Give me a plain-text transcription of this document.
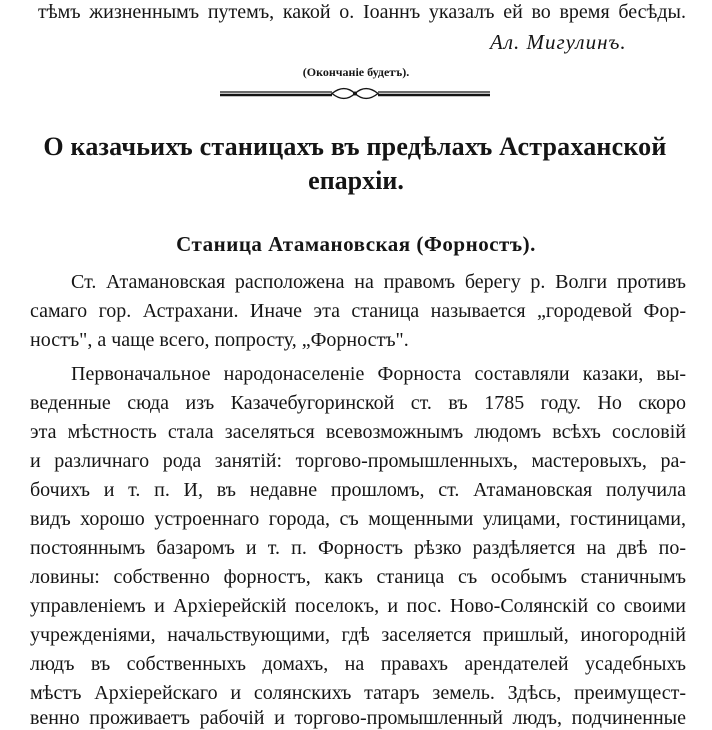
тѣмъ жизненнымъ путемъ, какой о. Іоаннъ указалъ ей во время бесѣды.
Ал. Мигулинъ.
(Окончаніе будетъ).
О казачьихъ станицахъ въ предѣлахъ Астраханской
епархіи.
Станица Атамановская (Форностъ).
Ст. Атамановская расположена на правомъ берегу р. Волги противъ
самаго гор. Астрахани. Иначе эта станица называется „городевой Фор-
ностъ", а чаще всего, попросту, „Форностъ".
Первоначальное народонаселеніе Форноста составляли казаки, вы-
веденные сюда изъ Казачебугоринской ст. въ 1785 году. Но скоро
эта мѣстность стала заселяться всевозможнымъ людомъ всѣхъ сословій
и различнаго рода занятій: торгово-промышленныхъ, мастеровыхъ, ра-
бочихъ и т. п. И, въ недавне прошломъ, ст. Атамановская получила
видъ хорошо устроеннаго города, съ мощенными улицами, гостиницами,
постояннымъ базаромъ и т. п. Форностъ рѣзко раздѣляется на двѣ по-
ловины: собственно форностъ, какъ станица съ особымъ станичнымъ
управленіемъ и Архіерейскій поселокъ, и пос. Ново-Солянскій со своими
учрежденіями, начальствующими, гдѣ заселяется пришлый, иногородній
людъ въ собственныхъ домахъ, на правахъ арендателей усадебныхъ
мѣстъ Архіерейскаго и солянскихъ татаръ земель. Здѣсь, преимущест-
венно проживаетъ рабочій и торгово-промышленный людъ, подчиненные
